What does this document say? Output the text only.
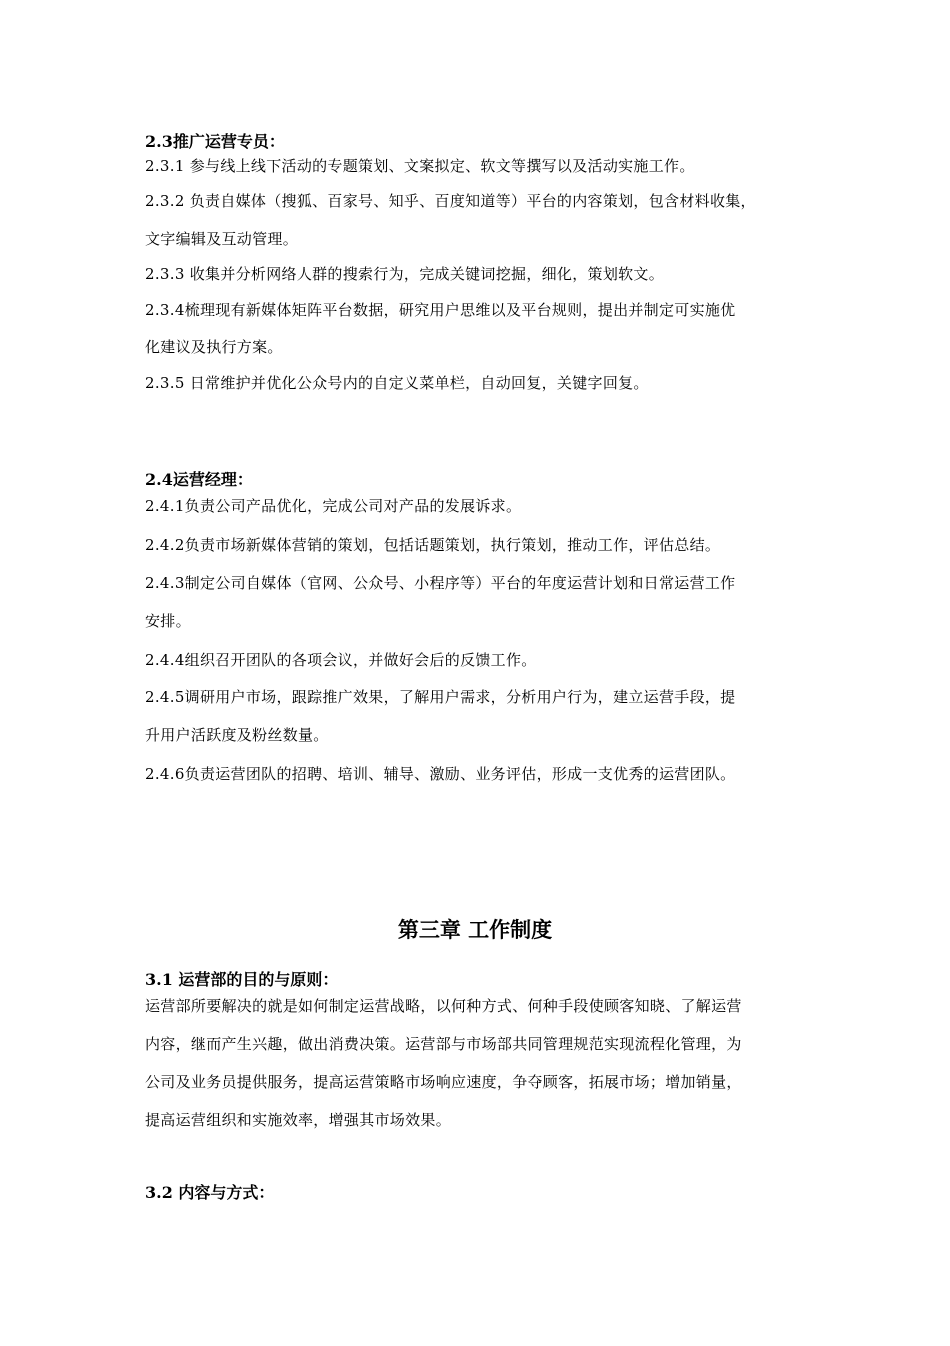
2.3推广运营专员：
2.3.1 参与线上线下活动的专题策划、文案拟定、软文等撰写以及活动实施工作。
2.3.2 负责自媒体（搜狐、百家号、知乎、百度知道等）平台的内容策划，包含材料收集，
文字编辑及互动管理。
2.3.3 收集并分析网络人群的搜索行为，完成关键词挖掘，细化，策划软文。
2.3.4梳理现有新媒体矩阵平台数据，研究用户思维以及平台规则，提出并制定可实施优
化建议及执行方案。
2.3.5 日常维护并优化公众号内的自定义菜单栏，自动回复，关键字回复。
2.4运营经理：
2.4.1负责公司产品优化，完成公司对产品的发展诉求。
2.4.2负责市场新媒体营销的策划，包括话题策划，执行策划，推动工作，评估总结。
2.4.3制定公司自媒体（官网、公众号、小程序等）平台的年度运营计划和日常运营工作
安排。
2.4.4组织召开团队的各项会议，并做好会后的反馈工作。
2.4.5调研用户市场，跟踪推广效果，了解用户需求，分析用户行为，建立运营手段，提
升用户活跃度及粉丝数量。
2.4.6负责运营团队的招聘、培训、辅导、激励、业务评估，形成一支优秀的运营团队。
第三章 工作制度
3.1 运营部的目的与原则：
运营部所要解决的就是如何制定运营战略，以何种方式、何种手段使顾客知晓、了解运营
内容，继而产生兴趣，做出消费决策。运营部与市场部共同管理规范实现流程化管理，为
公司及业务员提供服务，提高运营策略市场响应速度，争夺顾客，拓展市场；增加销量，
提高运营组织和实施效率，增强其市场效果。
3.2 内容与方式：
